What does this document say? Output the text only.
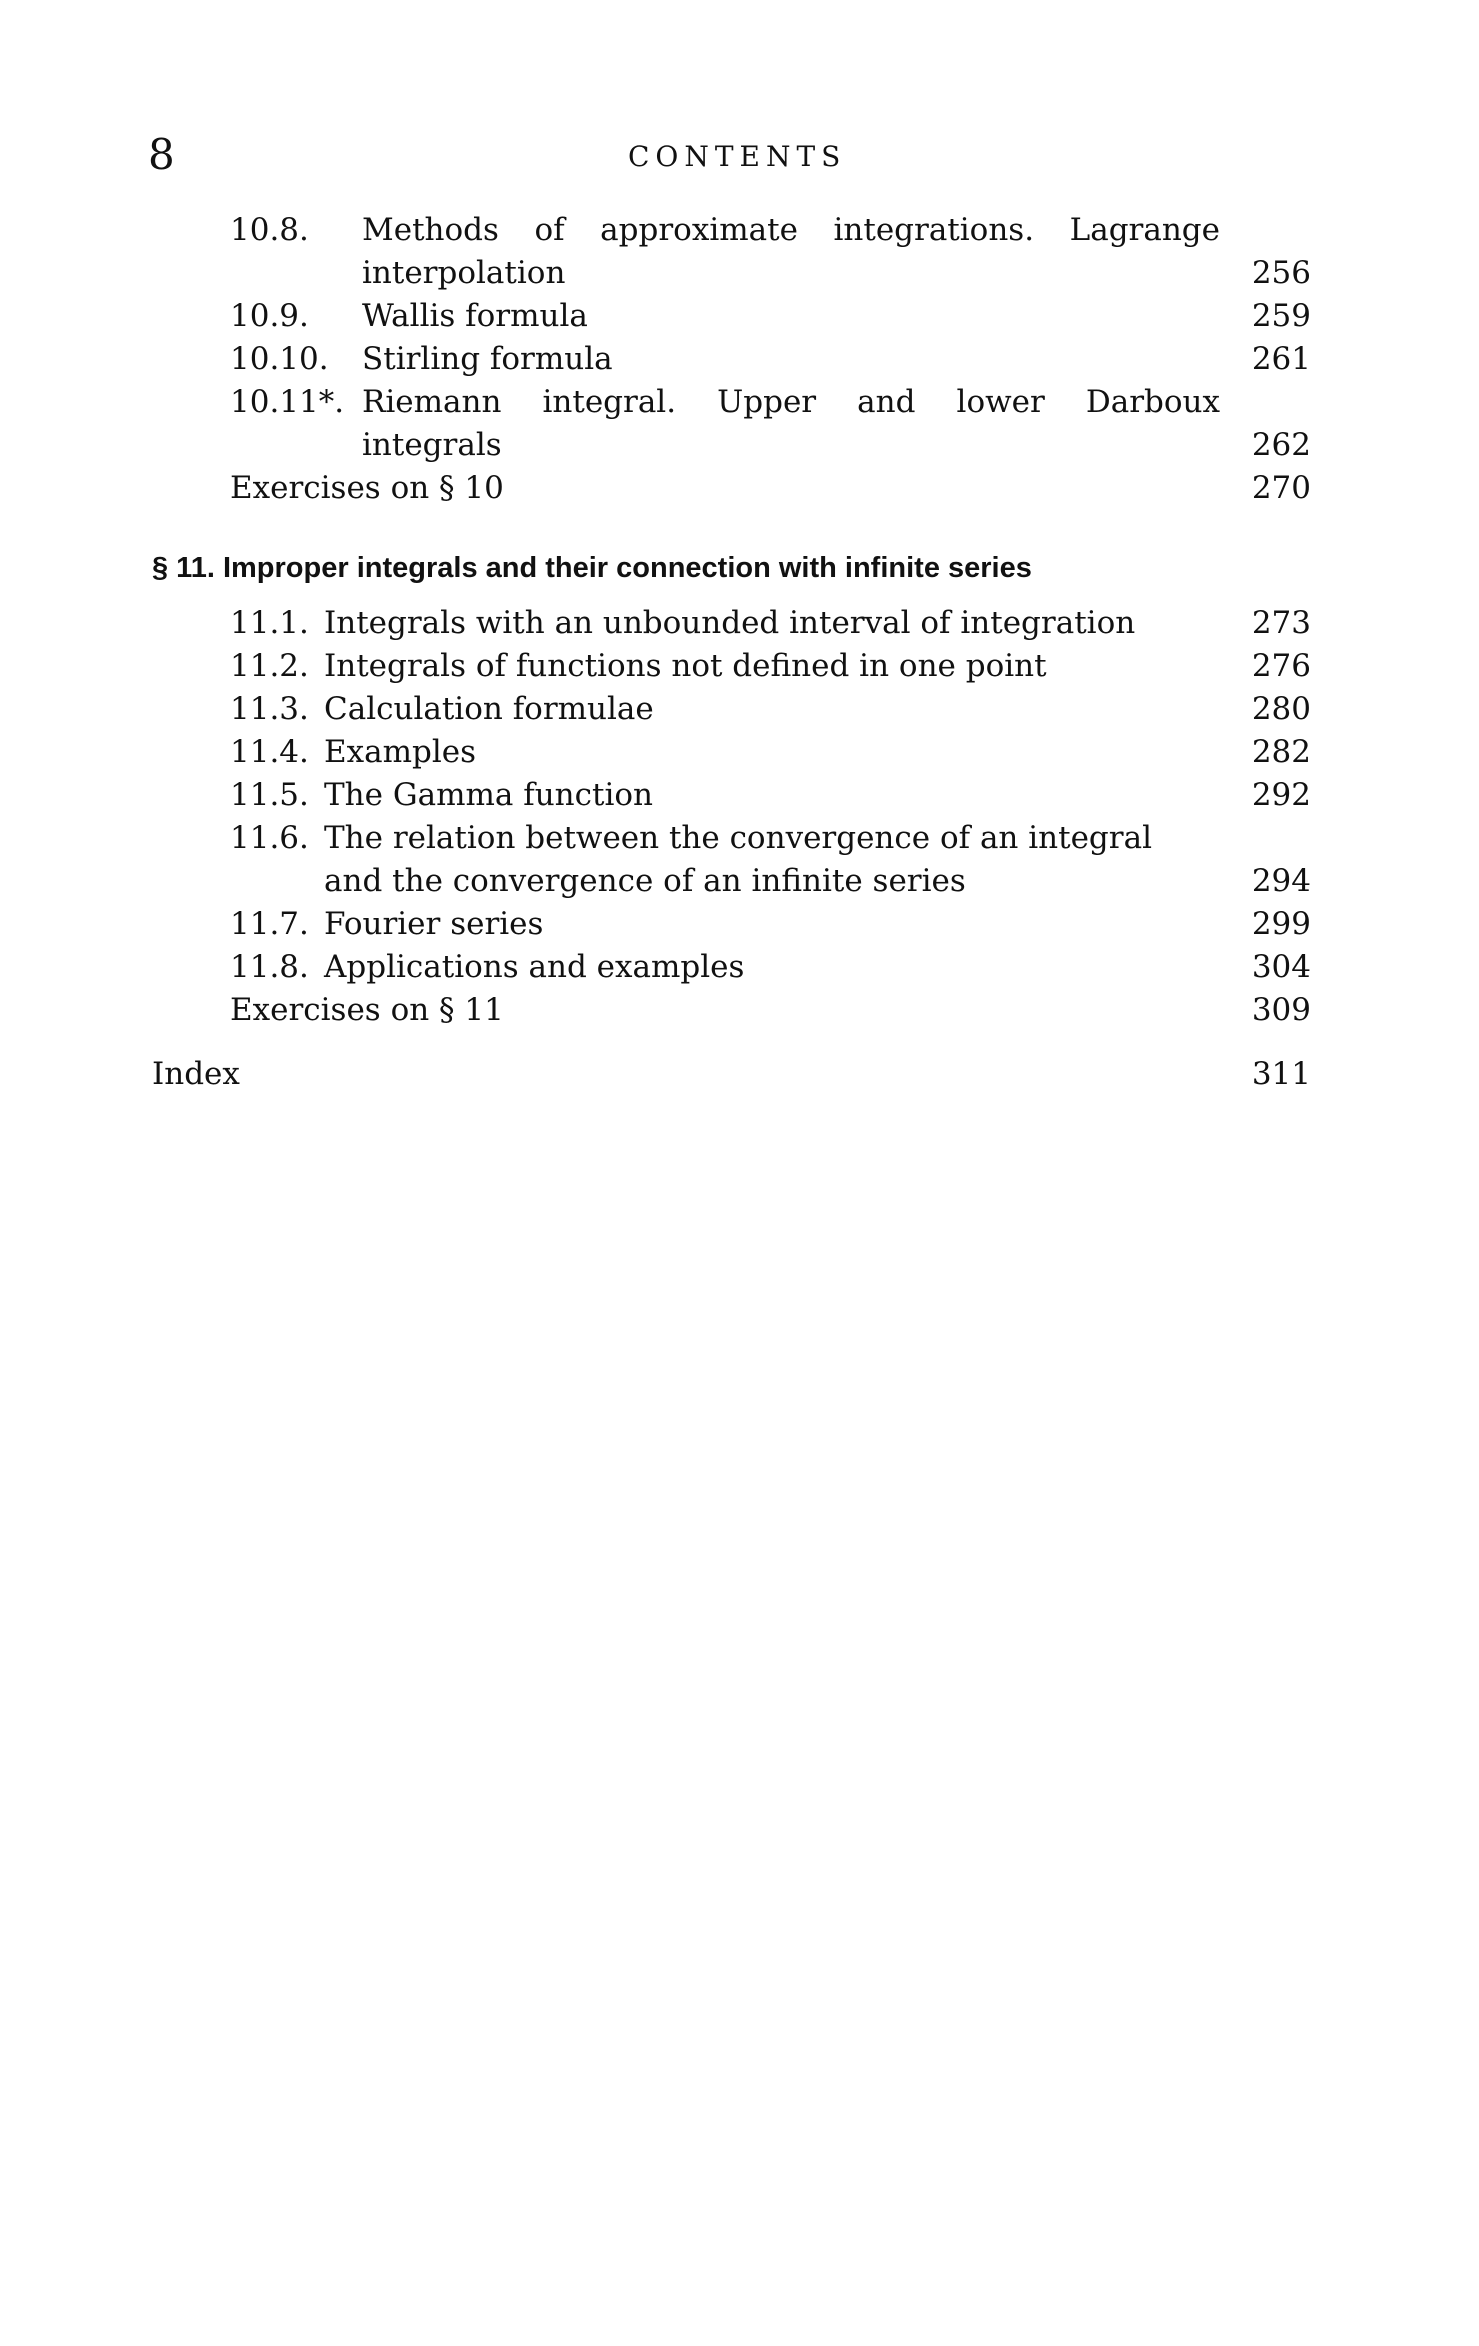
8	CONTENTS
10.8. Methods of approximate integrations. Lagrange
interpolation	256
10.9. Wallis formula	259
10.10. Stirling formula	261
10.11*. Riemann integral. Upper and lower Darboux
integrals	262
Exercises on § 10	270
§ 11. Improper integrals and their connection with infinite series
11.1. Integrals with an unbounded interval of integration	273
11.2. Integrals of functions not defined in one point	276
11.3. Calculation formulae	280
11.4. Examples	282
11.5. The Gamma function	292
11.6. The relation between the convergence of an integral
and the convergence of an infinite series	294
11.7. Fourier series	299
11.8. Applications and examples	304
Exercises on § 11	309
Index	311
